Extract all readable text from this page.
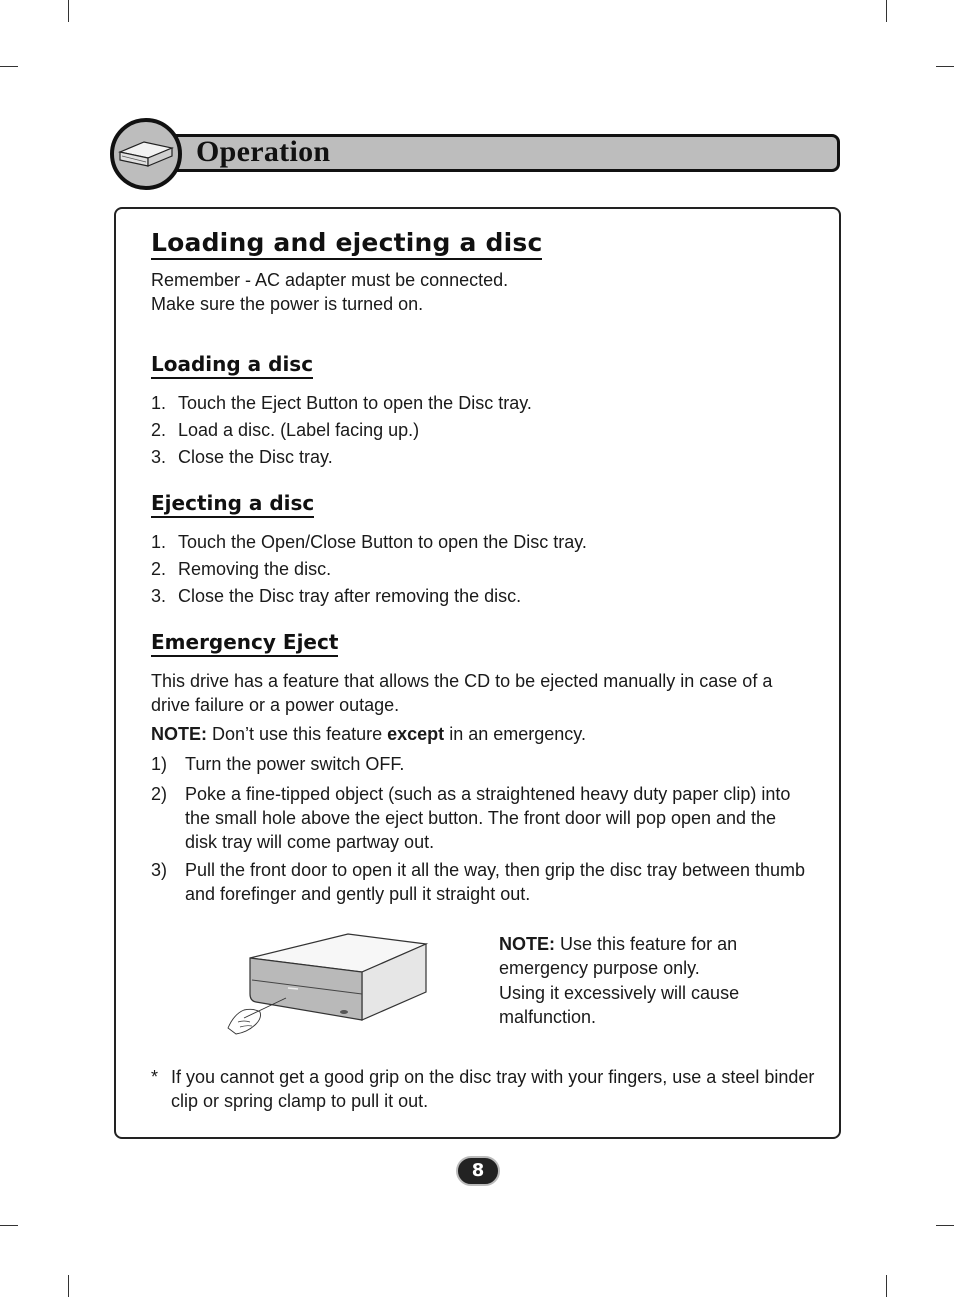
Operation
Loading and ejecting a disc
Remember - AC adapter must be connected.
Make sure the power is turned on.
Loading a disc
1. Touch the Eject Button to open the Disc tray.
2. Load a disc. (Label facing up.)
3. Close the Disc tray.
Ejecting a disc
1. Touch the Open/Close Button to open the Disc tray.
2. Removing the disc.
3. Close the Disc tray after removing the disc.
Emergency Eject
This drive has a feature that allows the CD to be ejected manually in case of a drive failure or a power outage.
NOTE: Don’t use this feature except in an emergency.
1) Turn the power switch OFF.
2) Poke a fine-tipped object (such as a straightened heavy duty paper clip) into the small hole above the eject button. The front door will pop open and the disk tray will come partway out.
3) Pull the front door to open it all the way, then grip the disc tray between thumb and forefinger and gently pull it straight out.
NOTE: Use this feature for an
emergency purpose only.
Using it excessively will cause
malfunction.
* If you cannot get a good grip on the disc tray with your fingers, use a steel binder clip or spring clamp to pull it out.
8
